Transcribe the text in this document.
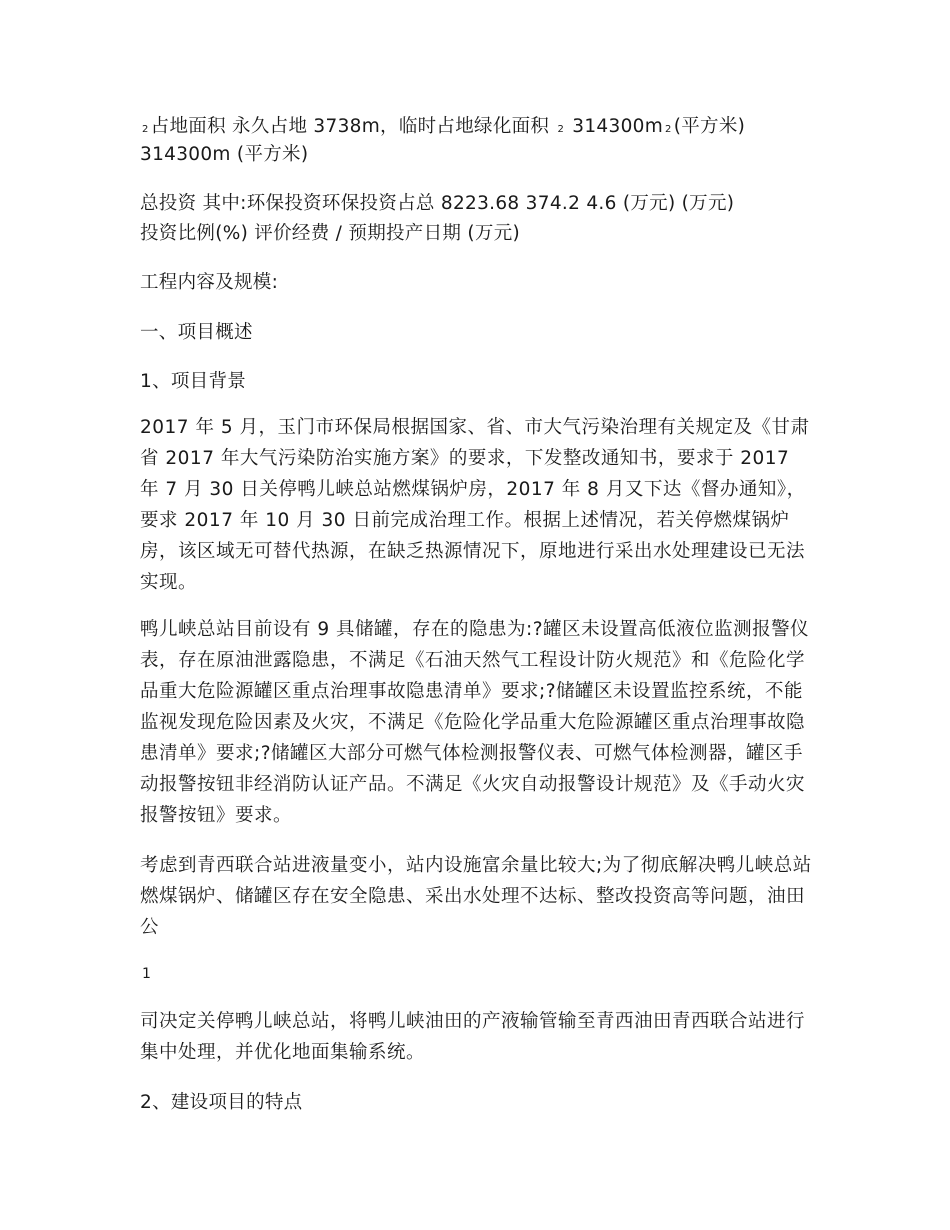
2 占地面积 永久占地 3738m，临时占地绿化面积 2 314300m 2 (平方米)

314300m (平方米)

总投资 其中:环保投资环保投资占总 8223.68 374.2 4.6 (万元) (万元)

投资比例(%) 评价经费 / 预期投产日期 (万元)

工程内容及规模:

一、项目概述

1、项目背景

2017 年 5 月，玉门市环保局根据国家、省、市大气污染治理有关规定及《甘肃省 2017 年大气污染防治实施方案》的要求，下发整改通知书，要求于 2017 年 7 月 30 日关停鸭儿峡总站燃煤锅炉房，2017 年 8 月又下达《督办通知》，要求 2017 年 10 月 30 日前完成治理工作。根据上述情况，若关停燃煤锅炉房，该区域无可替代热源，在缺乏热源情况下，原地进行采出水处理建设已无法实现。

鸭儿峡总站目前设有 9 具储罐，存在的隐患为:?罐区未设置高低液位监测报警仪表，存在原油泄露隐患，不满足《石油天然气工程设计防火规范》和《危险化学品重大危险源罐区重点治理事故隐患清单》要求;?储罐区未设置监控系统，不能监视发现危险因素及火灾，不满足《危险化学品重大危险源罐区重点治理事故隐患清单》要求;?储罐区大部分可燃气体检测报警仪表、可燃气体检测器，罐区手动报警按钮非经消防认证产品。不满足《火灾自动报警设计规范》及《手动火灾报警按钮》要求。

考虑到青西联合站进液量变小，站内设施富余量比较大;为了彻底解决鸭儿峡总站燃煤锅炉、储罐区存在安全隐患、采出水处理不达标、整改投资高等问题，油田公

1

司决定关停鸭儿峡总站，将鸭儿峡油田的产液输管输至青西油田青西联合站进行集中处理，并优化地面集输系统。

2、建设项目的特点
